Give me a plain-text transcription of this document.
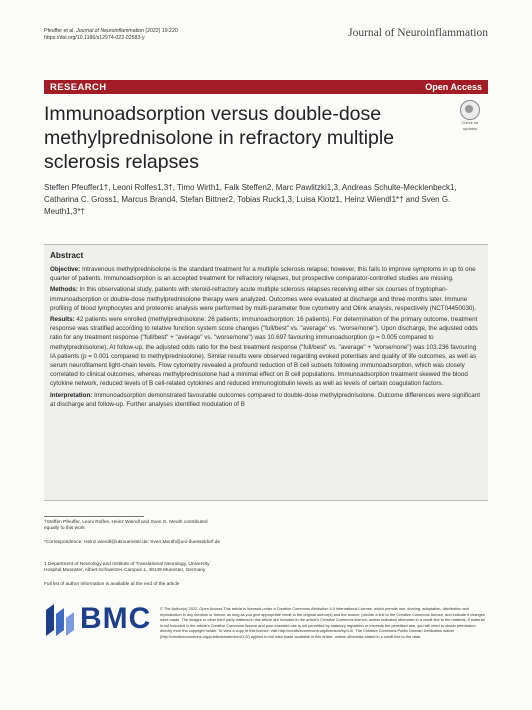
Pfeuffer et al. Journal of Neuroinflammation (2022) 19:220
https://doi.org/10.1186/s12974-022-02583-y	Journal of Neuroinflammation
RESEARCH	Open Access
Immunoadsorption versus double-dose methylprednisolone in refractory multiple sclerosis relapses
Check for
updates
Steffen Pfeuffer1†, Leoni Rolfes1,3†, Timo Wirth1, Falk Steffen2, Marc Pawlitzki1,3, Andreas Schulte-Mecklenbeck1, Catharina C. Gross1, Marcus Brand4, Stefan Bittner2, Tobias Ruck1,3, Luisa Klotz1, Heinz Wiendl1*† and Sven G. Meuth1,3*†
Abstract

Objective: Intravenous methylprednisolone is the standard treatment for a multiple sclerosis relapse; however, this fails to improve symptoms in up to one quarter of patients. Immunoadsorption is an accepted treatment for refractory relapses, but prospective comparator-controlled studies are missing.

Methods: In this observational study, patients with steroid-refractory acute multiple sclerosis relapses receiving either six courses of tryptophan-immunoadsorption or double-dose methylprednisolone therapy were analyzed. Outcomes were evaluated at discharge and three months later. Immune profiling of blood lymphocytes and proteomic analysis were performed by multi-parameter flow cytometry and Olink analysis, respectively (NCT04450030).

Results: 42 patients were enrolled (methylprednisolone: 26 patients; immunoadsorption: 16 patients). For determination of the primary outcome, treatment response was stratified according to relative function system score changes ("full/best" vs. "average" vs. "worse/none"). Upon discharge, the adjusted odds ratio for any treatment response ("full/best" + "average" vs. "worse/none") was 10.697 favouring immunoadsorption (p = 0.005 compared to methylprednisolone). At follow-up, the adjusted odds ratio for the best treatment response ("full/best" vs. "average" + "worse/none") was 103.236 favouring IA patients (p = 0.001 compared to methylprednisolone). Similar results were observed regarding evoked potentials and quality of life outcomes, as well as serum neurofilament light-chain levels. Flow cytometry revealed a profound reduction of B cell subsets following immunoadsorption, which was closely correlated to clinical outcomes, whereas methylprednisolone had a minimal effect on B cell populations. Immunoadsorption treatment skewed the blood cytokine network, reduced levels of B cell-related cytokines and reduced immunoglobulin levels as well as levels of certain coagulation factors.

Interpretation: Immunoadsorption demonstrated favourable outcomes compared to double-dose methylprednisolone. Outcome differences were significant at discharge and follow-up. Further analyses identified modulation of B

†Steffen Pfeuffer, Leoni Rolfes, Heinz Wiendl and Sven G. Meuth contributed equally to this work
*Correspondence: Heinz.wiendl@ukmuenster.de; Sven.Meuth@uni-duesseldorf.de
1 Department of Neurology and Institute of Translational Neurology, University Hospital Muenster, Albert-Schweitzer-Campus 1, 48149 Muenster, Germany
Full list of author information is available at the end of the article
BMC © The Author(s) 2022. Open Access This article is licensed under a Creative Commons Attribution 4.0 International License, which permits use, sharing, adaptation, distribution and reproduction in any medium or format, as long as you give appropriate credit to the original author(s) and the source, provide a link to the Creative Commons licence, and indicate if changes were made. The images or other third party material in this article are included in the article's Creative Commons licence, unless indicated otherwise in a credit line to the material. If material is not included in the article's Creative Commons licence and your intended use is not permitted by statutory regulation or exceeds the permitted use, you will need to obtain permission directly from the copyright holder. To view a copy of this licence, visit http://creativecommons.org/licenses/by/4.0/. The Creative Commons Public Domain Dedication waiver (http://creativecommons.org/publicdomain/zero/1.0/) applies to the data made available in this article, unless otherwise stated in a credit line to the data.
